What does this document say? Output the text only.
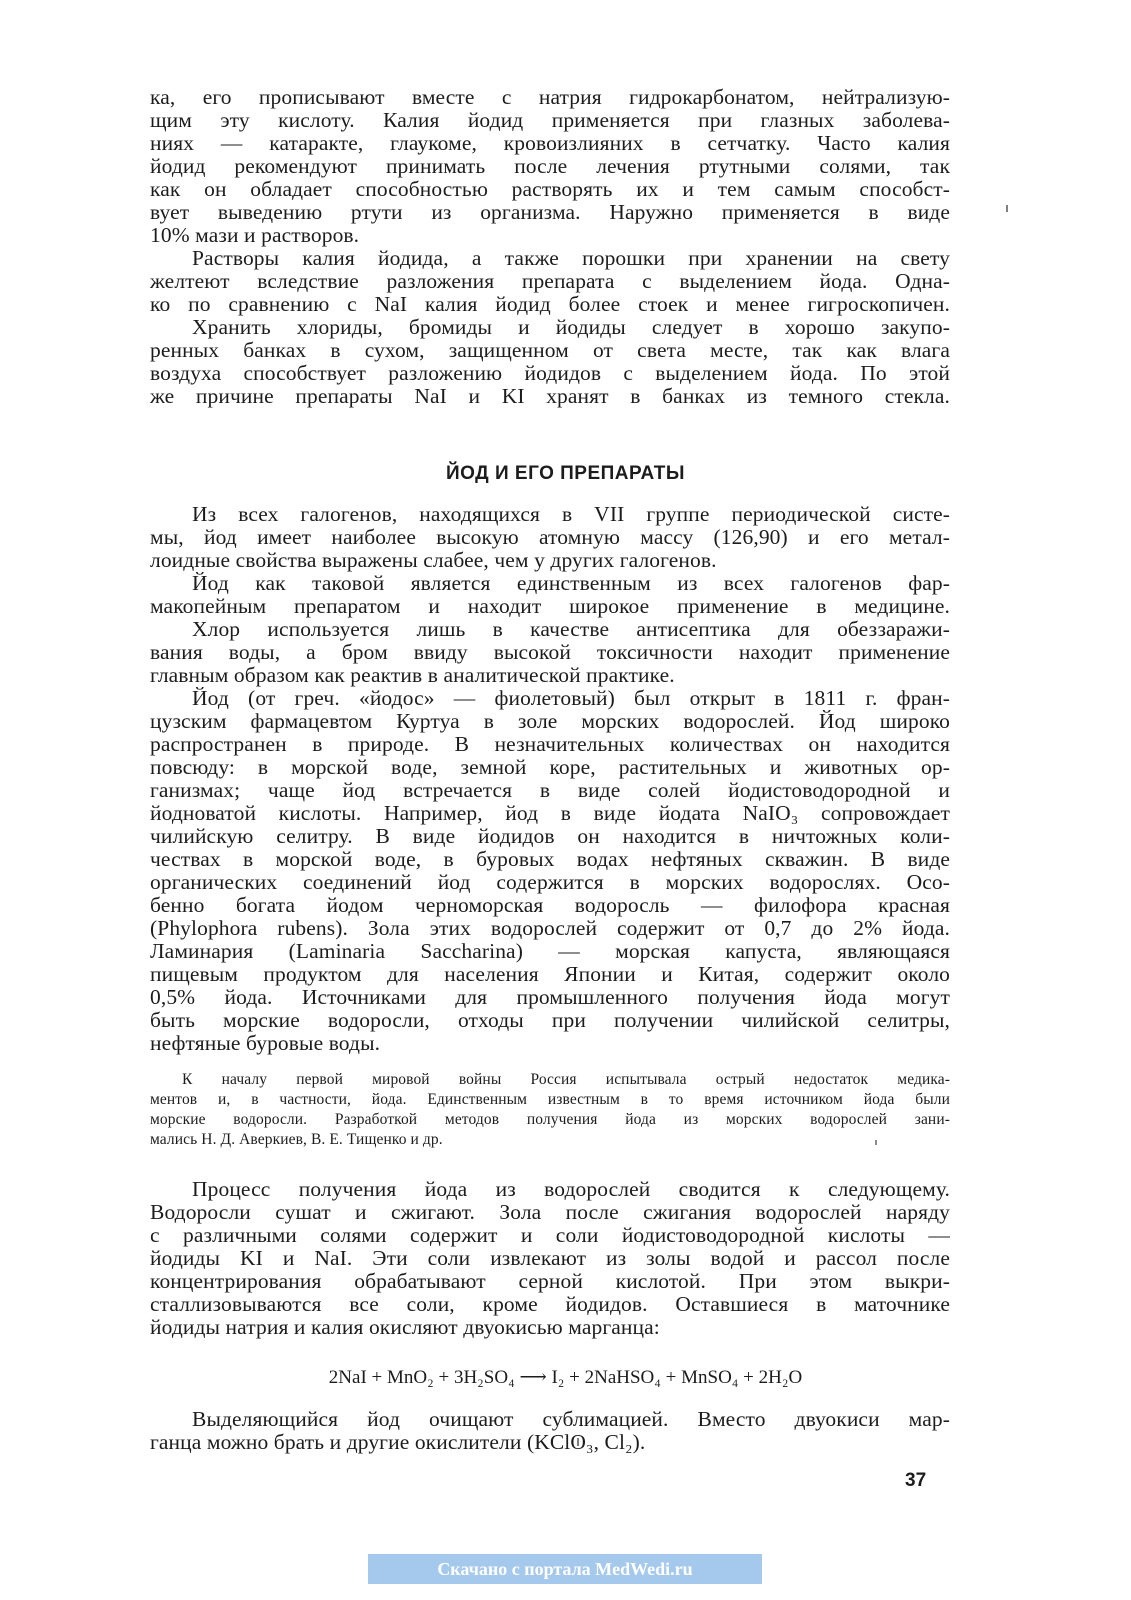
ка, его прописывают вместе с натрия гидрокарбонатом, нейтрализую-
щим эту кислоту. Калия йодид применяется при глазных заболева-
ниях — катаракте, глаукоме, кровоизлияних в сетчатку. Часто калия
йодид рекомендуют принимать после лечения ртутными солями, так
как он обладает способностью растворять их и тем самым способст-
вует выведению ртути из организма. Наружно применяется в виде
10% мази и растворов.
Растворы калия йодида, а также порошки при хранении на свету
желтеют вследствие разложения препарата с выделением йода. Одна-
ко по сравнению с NaI калия йодид более стоек и менее гигроскопичен.
Хранить хлориды, бромиды и йодиды следует в хорошо закупо-
ренных банках в сухом, защищенном от света месте, так как влага
воздуха способствует разложению йодидов с выделением йода. По этой
же причине препараты NaI и KI хранят в банках из темного стекла.
ЙОД И ЕГО ПРЕПАРАТЫ
Из всех галогенов, находящихся в VII группе периодической систе-
мы, йод имеет наиболее высокую атомную массу (126,90) и его метал-
лоидные свойства выражены слабее, чем у других галогенов.
Йод как таковой является единственным из всех галогенов фар-
макопейным препаратом и находит широкое применение в медицине.
Хлор используется лишь в качестве антисептика для обеззаражи-
вания воды, а бром ввиду высокой токсичности находит применение
главным образом как реактив в аналитической практике.
Йод (от греч. «йодос» — фиолетовый) был открыт в 1811 г. фран-
цузским фармацевтом Куртуа в золе морских водорослей. Йод широко
распространен в природе. В незначительных количествах он находится
повсюду: в морской воде, земной коре, растительных и животных ор-
ганизмах; чаще йод встречается в виде солей йодистоводородной и
йодноватой кислоты. Например, йод в виде йодата NaIO₃ сопровождает
чилийскую селитру. В виде йодидов он находится в ничтожных коли-
чествах в морской воде, в буровых водах нефтяных скважин. В виде
органических соединений йод содержится в морских водорослях. Осо-
бенно богата йодом черноморская водоросль — филофора красная
(Phylophora rubens). Зола этих водорослей содержит от 0,7 до 2% йода.
Ламинария (Laminaria Saccharina) — морская капуста, являющаяся
пищевым продуктом для населения Японии и Китая, содержит около
0,5% йода. Источниками для промышленного получения йода могут
быть морские водоросли, отходы при получении чилийской селитры,
нефтяные буровые воды.
К началу первой мировой войны Россия испытывала острый недостаток медика-
ментов и, в частности, йода. Единственным известным в то время источником йода были
морские водоросли. Разработкой методов получения йода из морских водорослей зани-
мались Н. Д. Аверкиев, В. Е. Тищенко и др.
Процесс получения йода из водорослей сводится к следующему.
Водоросли сушат и сжигают. Зола после сжигания водорослей наряду
с различными солями содержит и соли йодистоводородной кислоты —
йодиды KI и NaI. Эти соли извлекают из золы водой и рассол после
концентрирования обрабатывают серной кислотой. При этом выкри-
сталлизовываются все соли, кроме йодидов. Оставшиеся в маточнике
йодиды натрия и калия окисляют двуокисью марганца:
2NaI + MnO₂ + 3H₂SO₄ ⟶ I₂ + 2NaHSO₄ + MnSO₄ + 2H₂O
Выделяющийся йод очищают сублимацией. Вместо двуокиси мар-
ганца можно брать и другие окислители (KClO₃, Cl₂).
37
Скачано с портала MedWedi.ru
